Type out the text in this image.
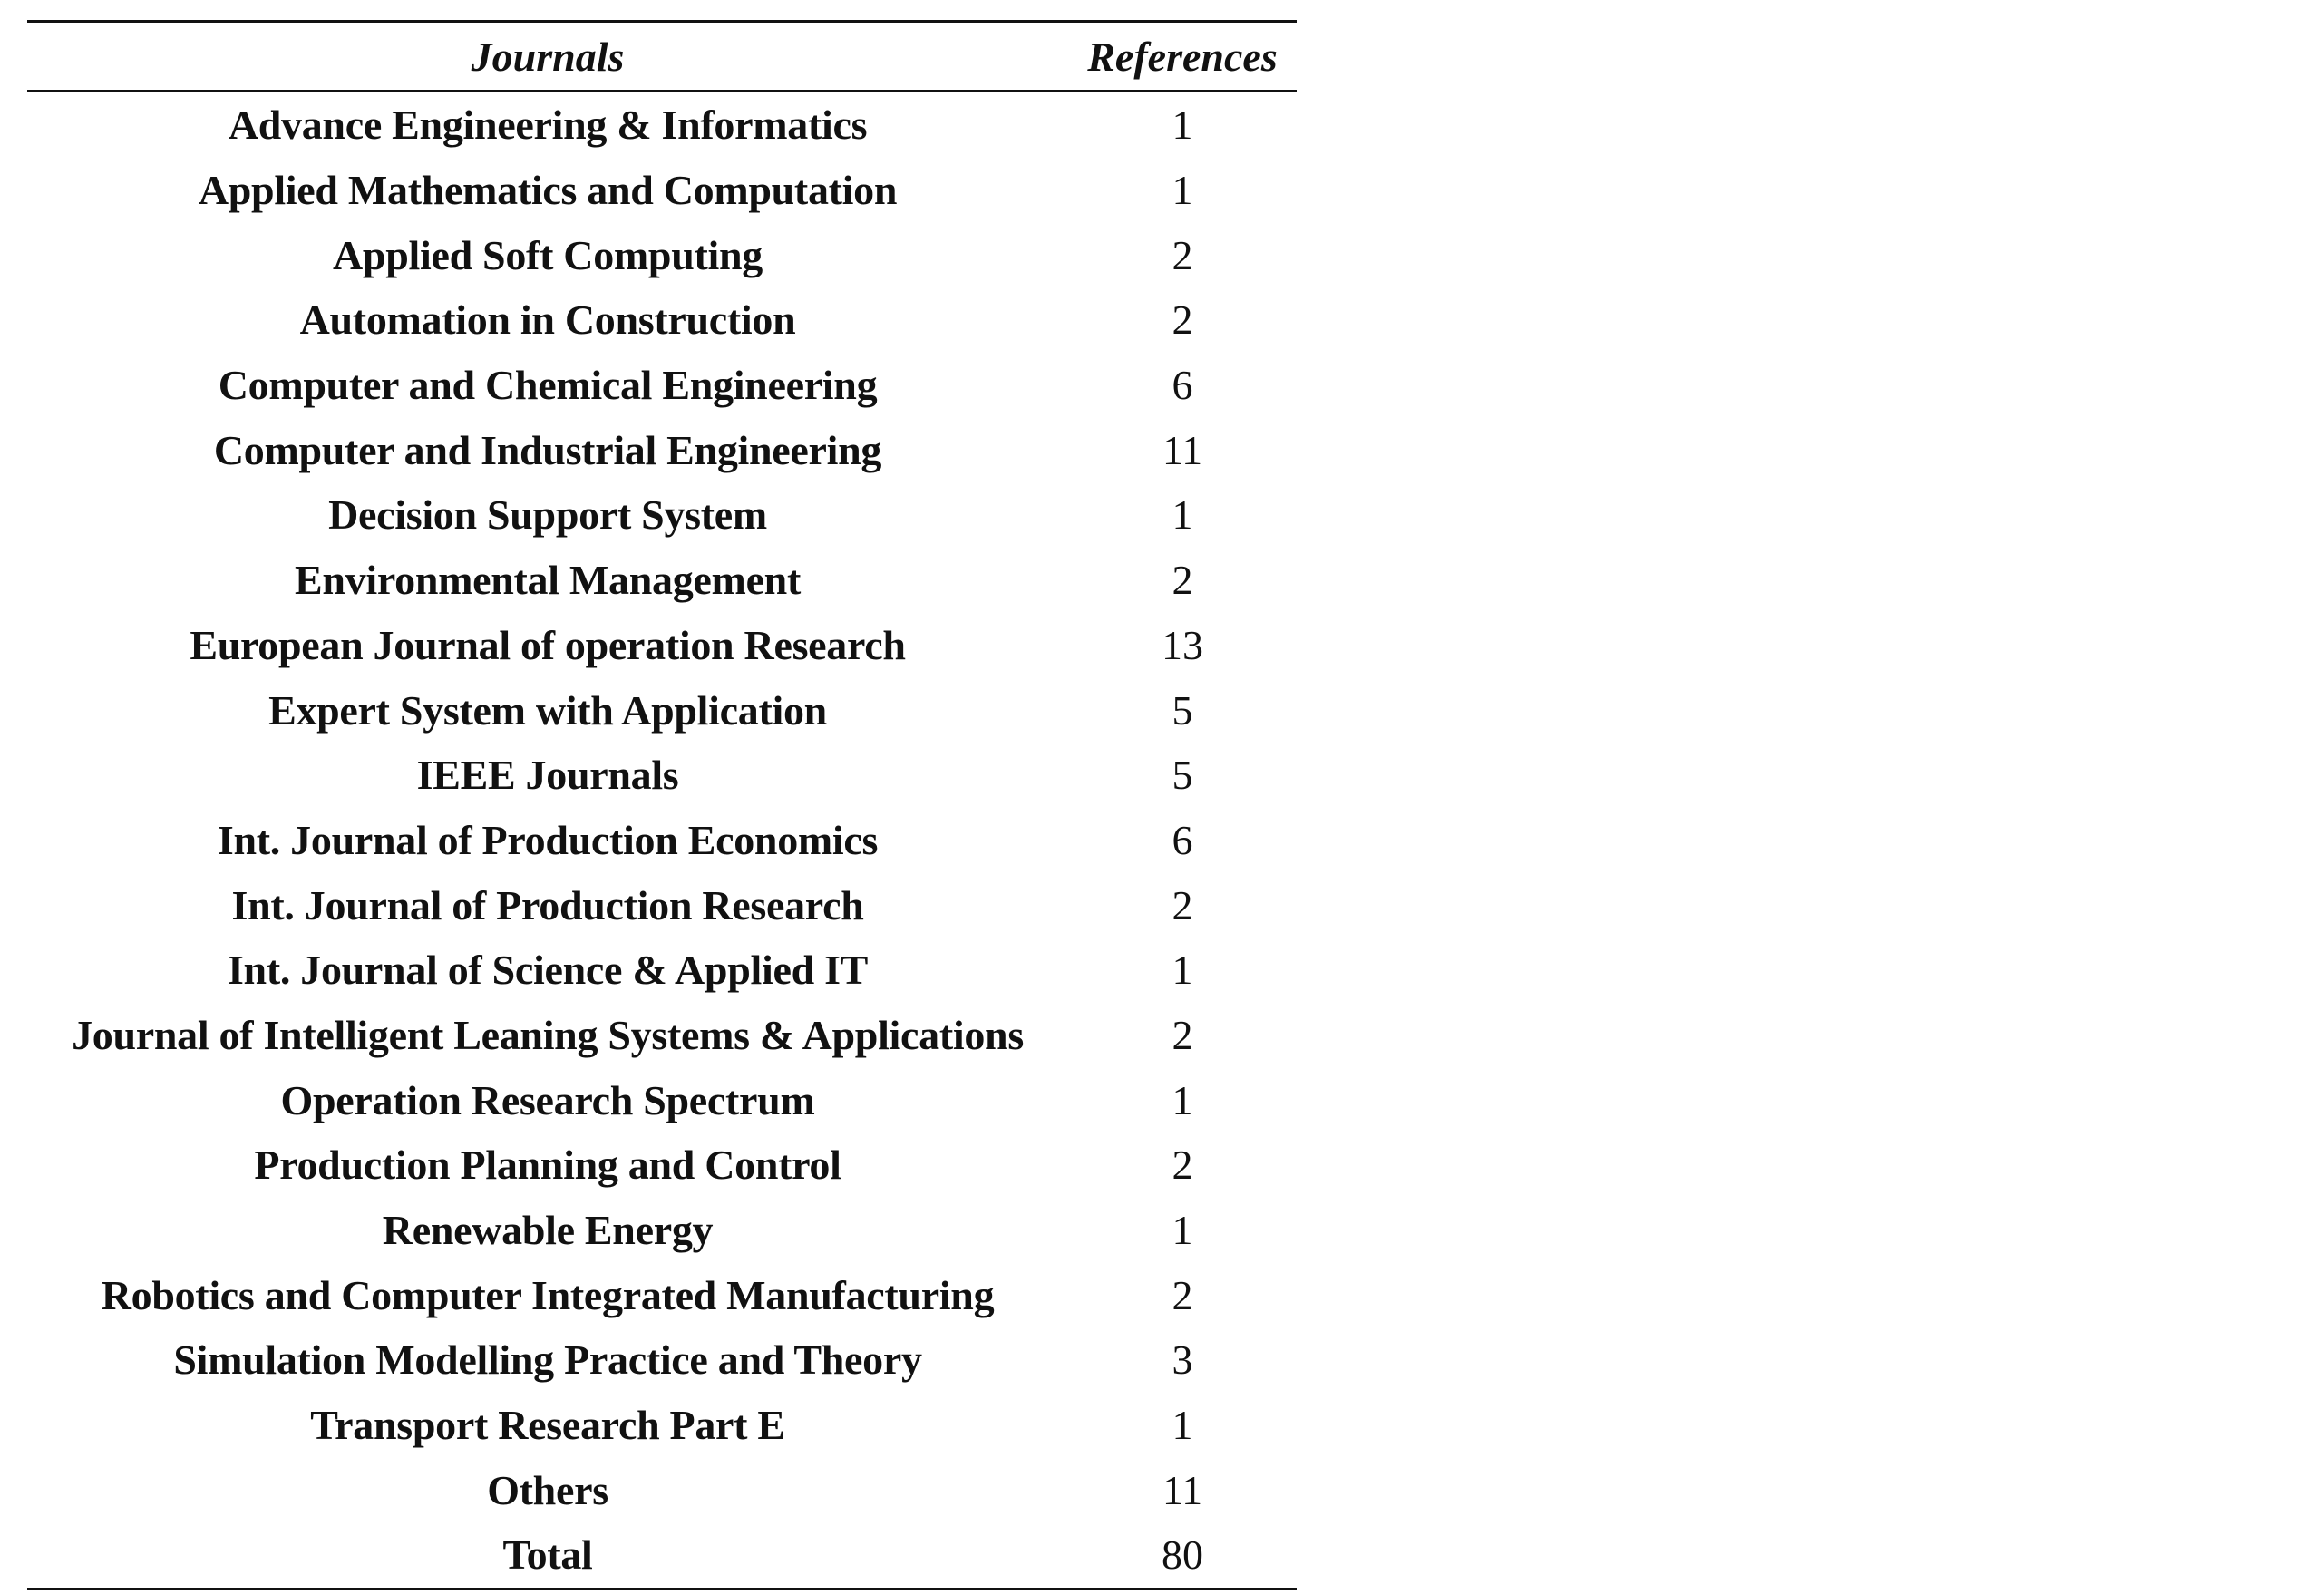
Journals	References
Advance Engineering & Informatics	1
Applied Mathematics and Computation	1
Applied Soft Computing	2
Automation in Construction	2
Computer and Chemical Engineering	6
Computer and Industrial Engineering	11
Decision Support System	1
Environmental Management	2
European Journal of operation Research	13
Expert System with Application	5
IEEE Journals	5
Int. Journal of Production Economics	6
Int. Journal of Production Research	2
Int. Journal of Science & Applied IT	1
Journal of Intelligent Leaning Systems & Applications	2
Operation Research Spectrum	1
Production Planning and Control	2
Renewable Energy	1
Robotics and Computer Integrated Manufacturing	2
Simulation Modelling Practice and Theory	3
Transport Research Part E	1
Others	11
Total	80
